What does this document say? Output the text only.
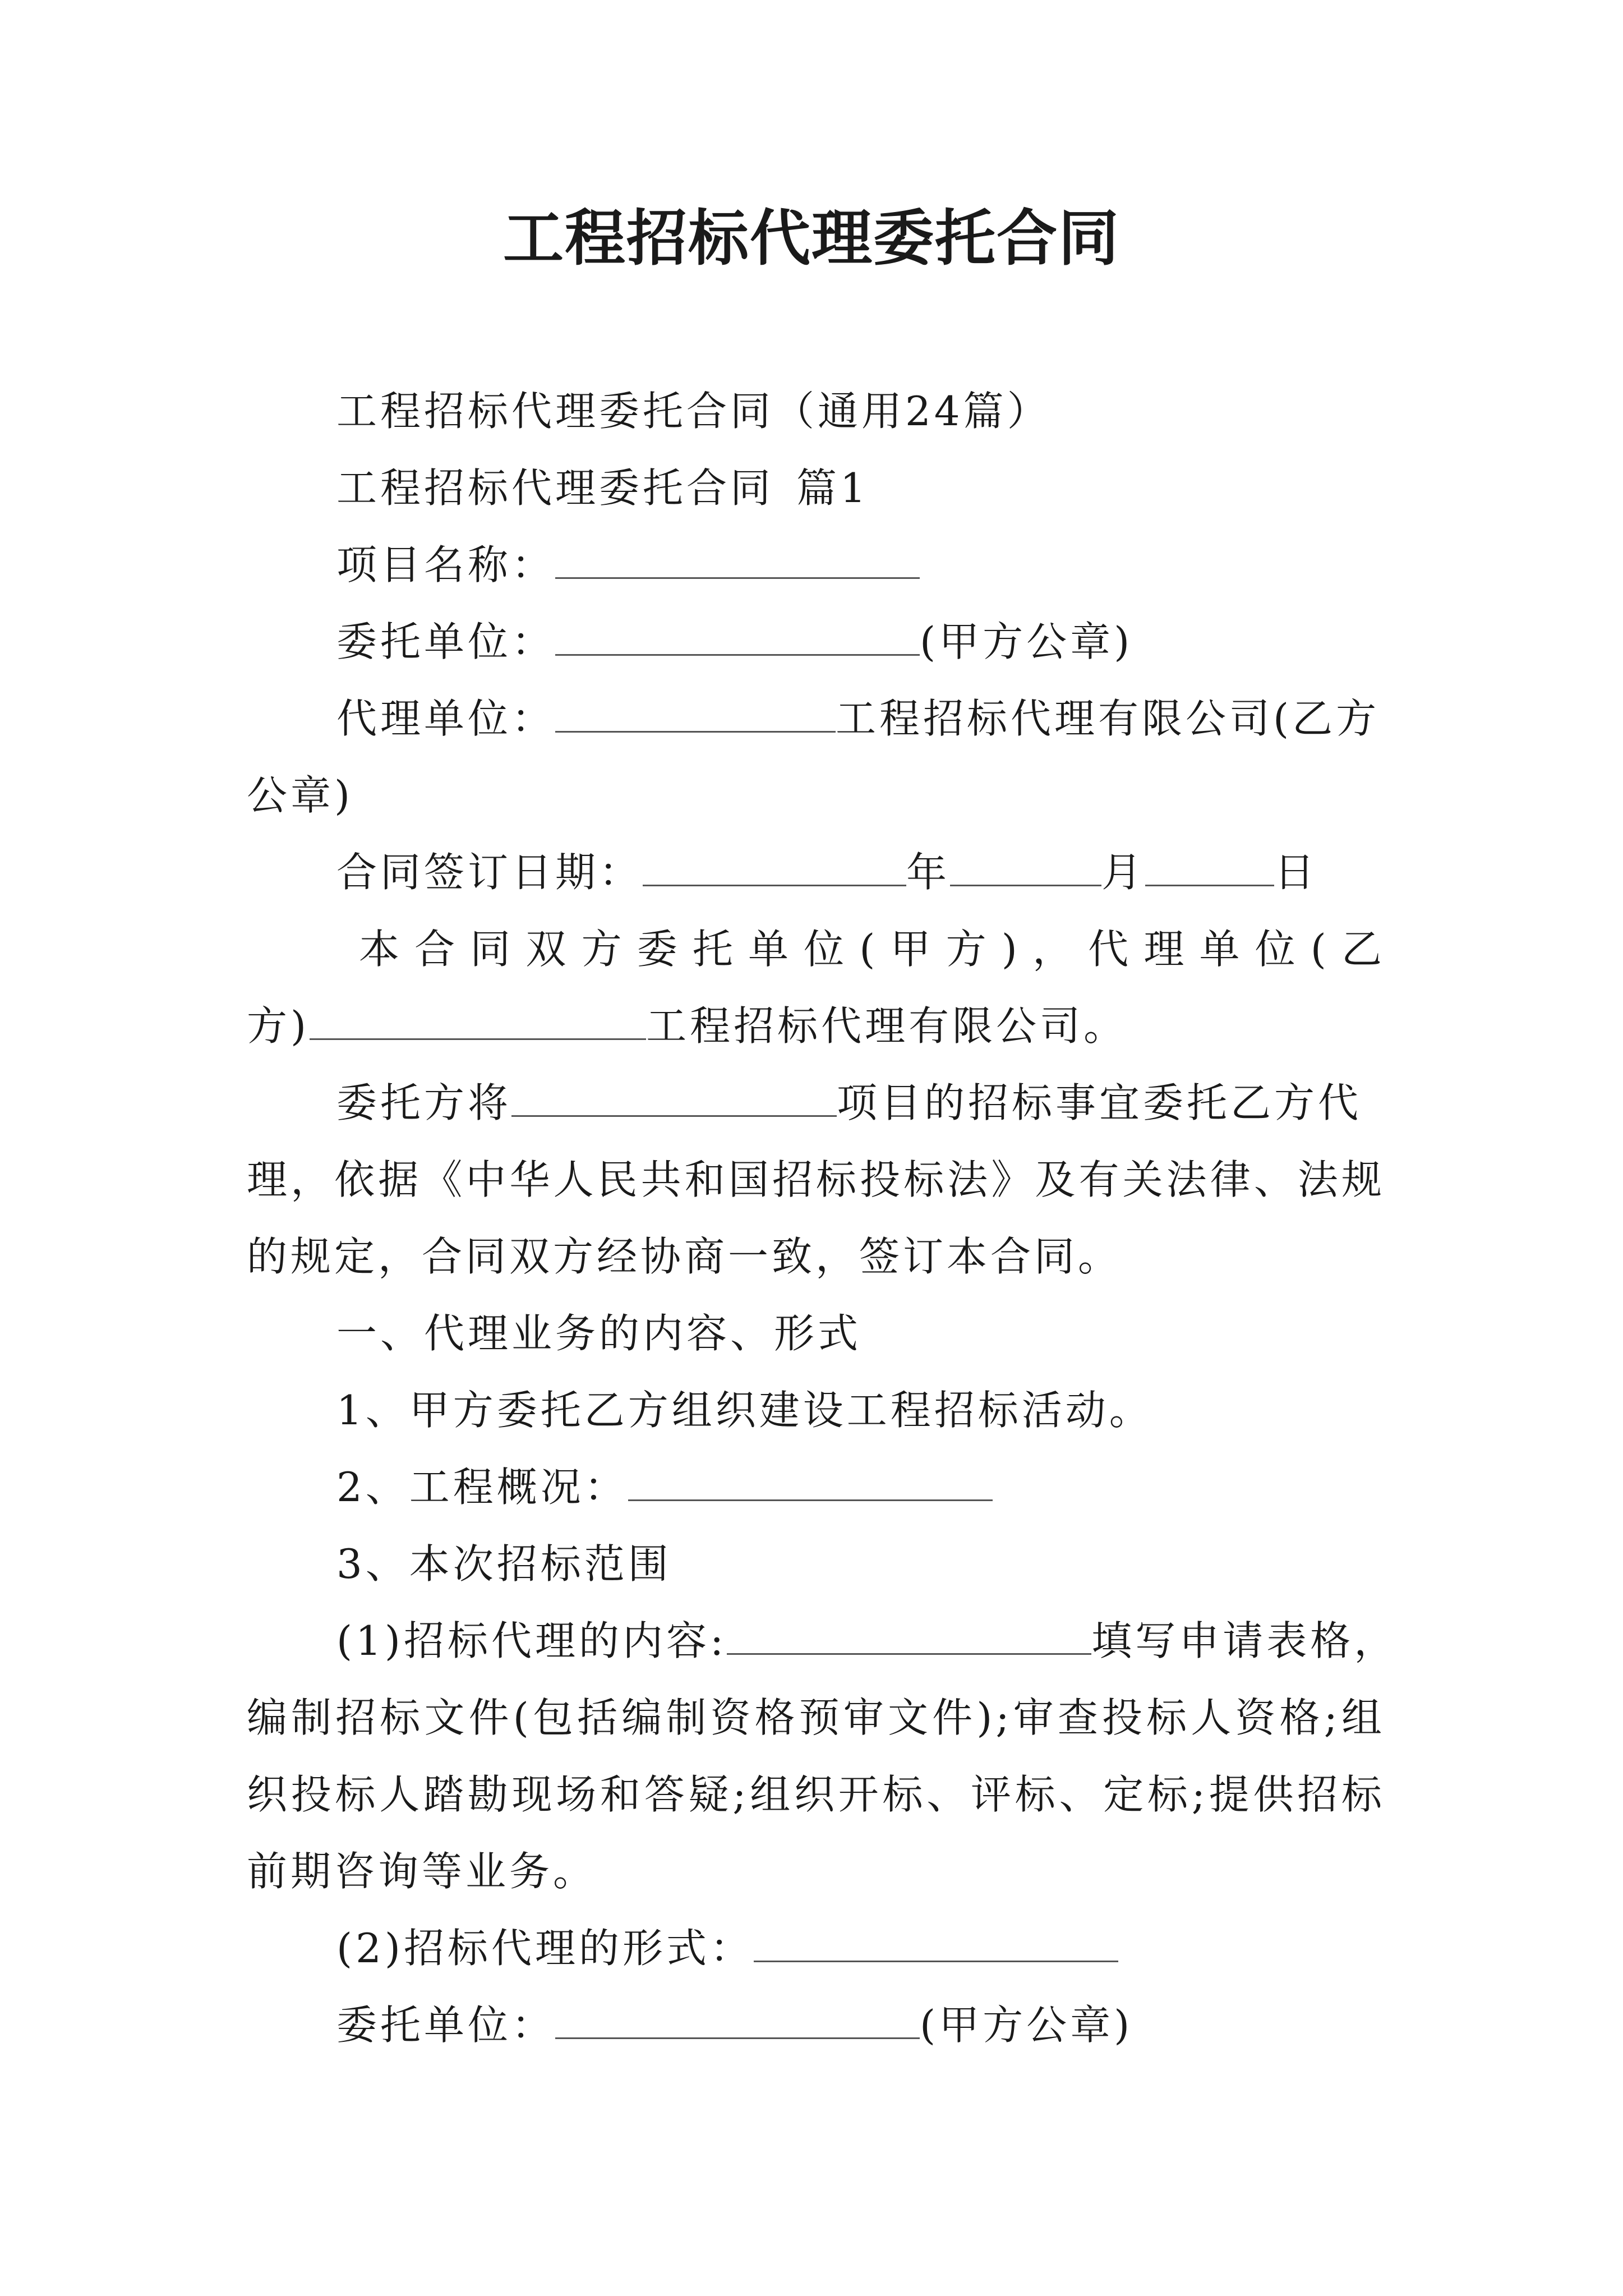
工程招标代理委托合同
工程招标代理委托合同（通用24篇）
工程招标代理委托合同 篇1
项目名称：
委托单位：	(甲方公章)
代理单位：	工程招标代理有限公司(乙方
公章)
合同签订日期：	年	月	日
本合同双方委托单位(甲方)，代理单位(乙
方)	工程招标代理有限公司。
委托方将	项目的招标事宜委托乙方代
理，依据《中华人民共和国招标投标法》及有关法律、法规
的规定，合同双方经协商一致，签订本合同。
一、代理业务的内容、形式
1、甲方委托乙方组织建设工程招标活动。
2、工程概况：
3、本次招标范围
(1)招标代理的内容:	填写申请表格，
编制招标文件(包括编制资格预审文件);审查投标人资格;组
织投标人踏勘现场和答疑;组织开标、评标、定标;提供招标
前期咨询等业务。
(2)招标代理的形式：
委托单位：	(甲方公章)
